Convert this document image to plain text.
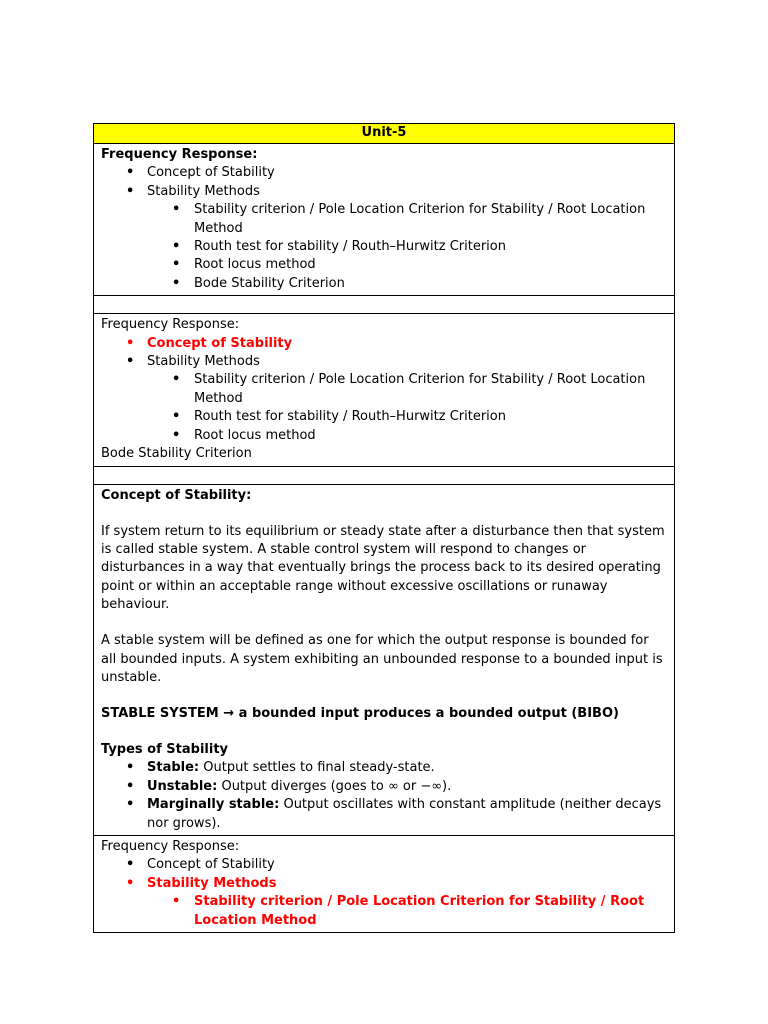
Unit-5
Frequency Response:
• Concept of Stability
• Stability Methods
• Stability criterion / Pole Location Criterion for Stability / Root Location Method
• Routh test for stability / Routh–Hurwitz Criterion
• Root locus method
• Bode Stability Criterion
Frequency Response:
• Concept of Stability
• Stability Methods
• Stability criterion / Pole Location Criterion for Stability / Root Location Method
• Routh test for stability / Routh–Hurwitz Criterion
• Root locus method
Bode Stability Criterion
Concept of Stability:

If system return to its equilibrium or steady state after a disturbance then that system is called stable system. A stable control system will respond to changes or disturbances in a way that eventually brings the process back to its desired operating point or within an acceptable range without excessive oscillations or runaway behaviour.

A stable system will be defined as one for which the output response is bounded for all bounded inputs. A system exhibiting an unbounded response to a bounded input is unstable.

STABLE SYSTEM → a bounded input produces a bounded output (BIBO)

Types of Stability
• Stable: Output settles to final steady-state.
• Unstable: Output diverges (goes to ∞ or −∞).
• Marginally stable: Output oscillates with constant amplitude (neither decays nor grows).
Frequency Response:
• Concept of Stability
• Stability Methods
• Stability criterion / Pole Location Criterion for Stability / Root Location Method
